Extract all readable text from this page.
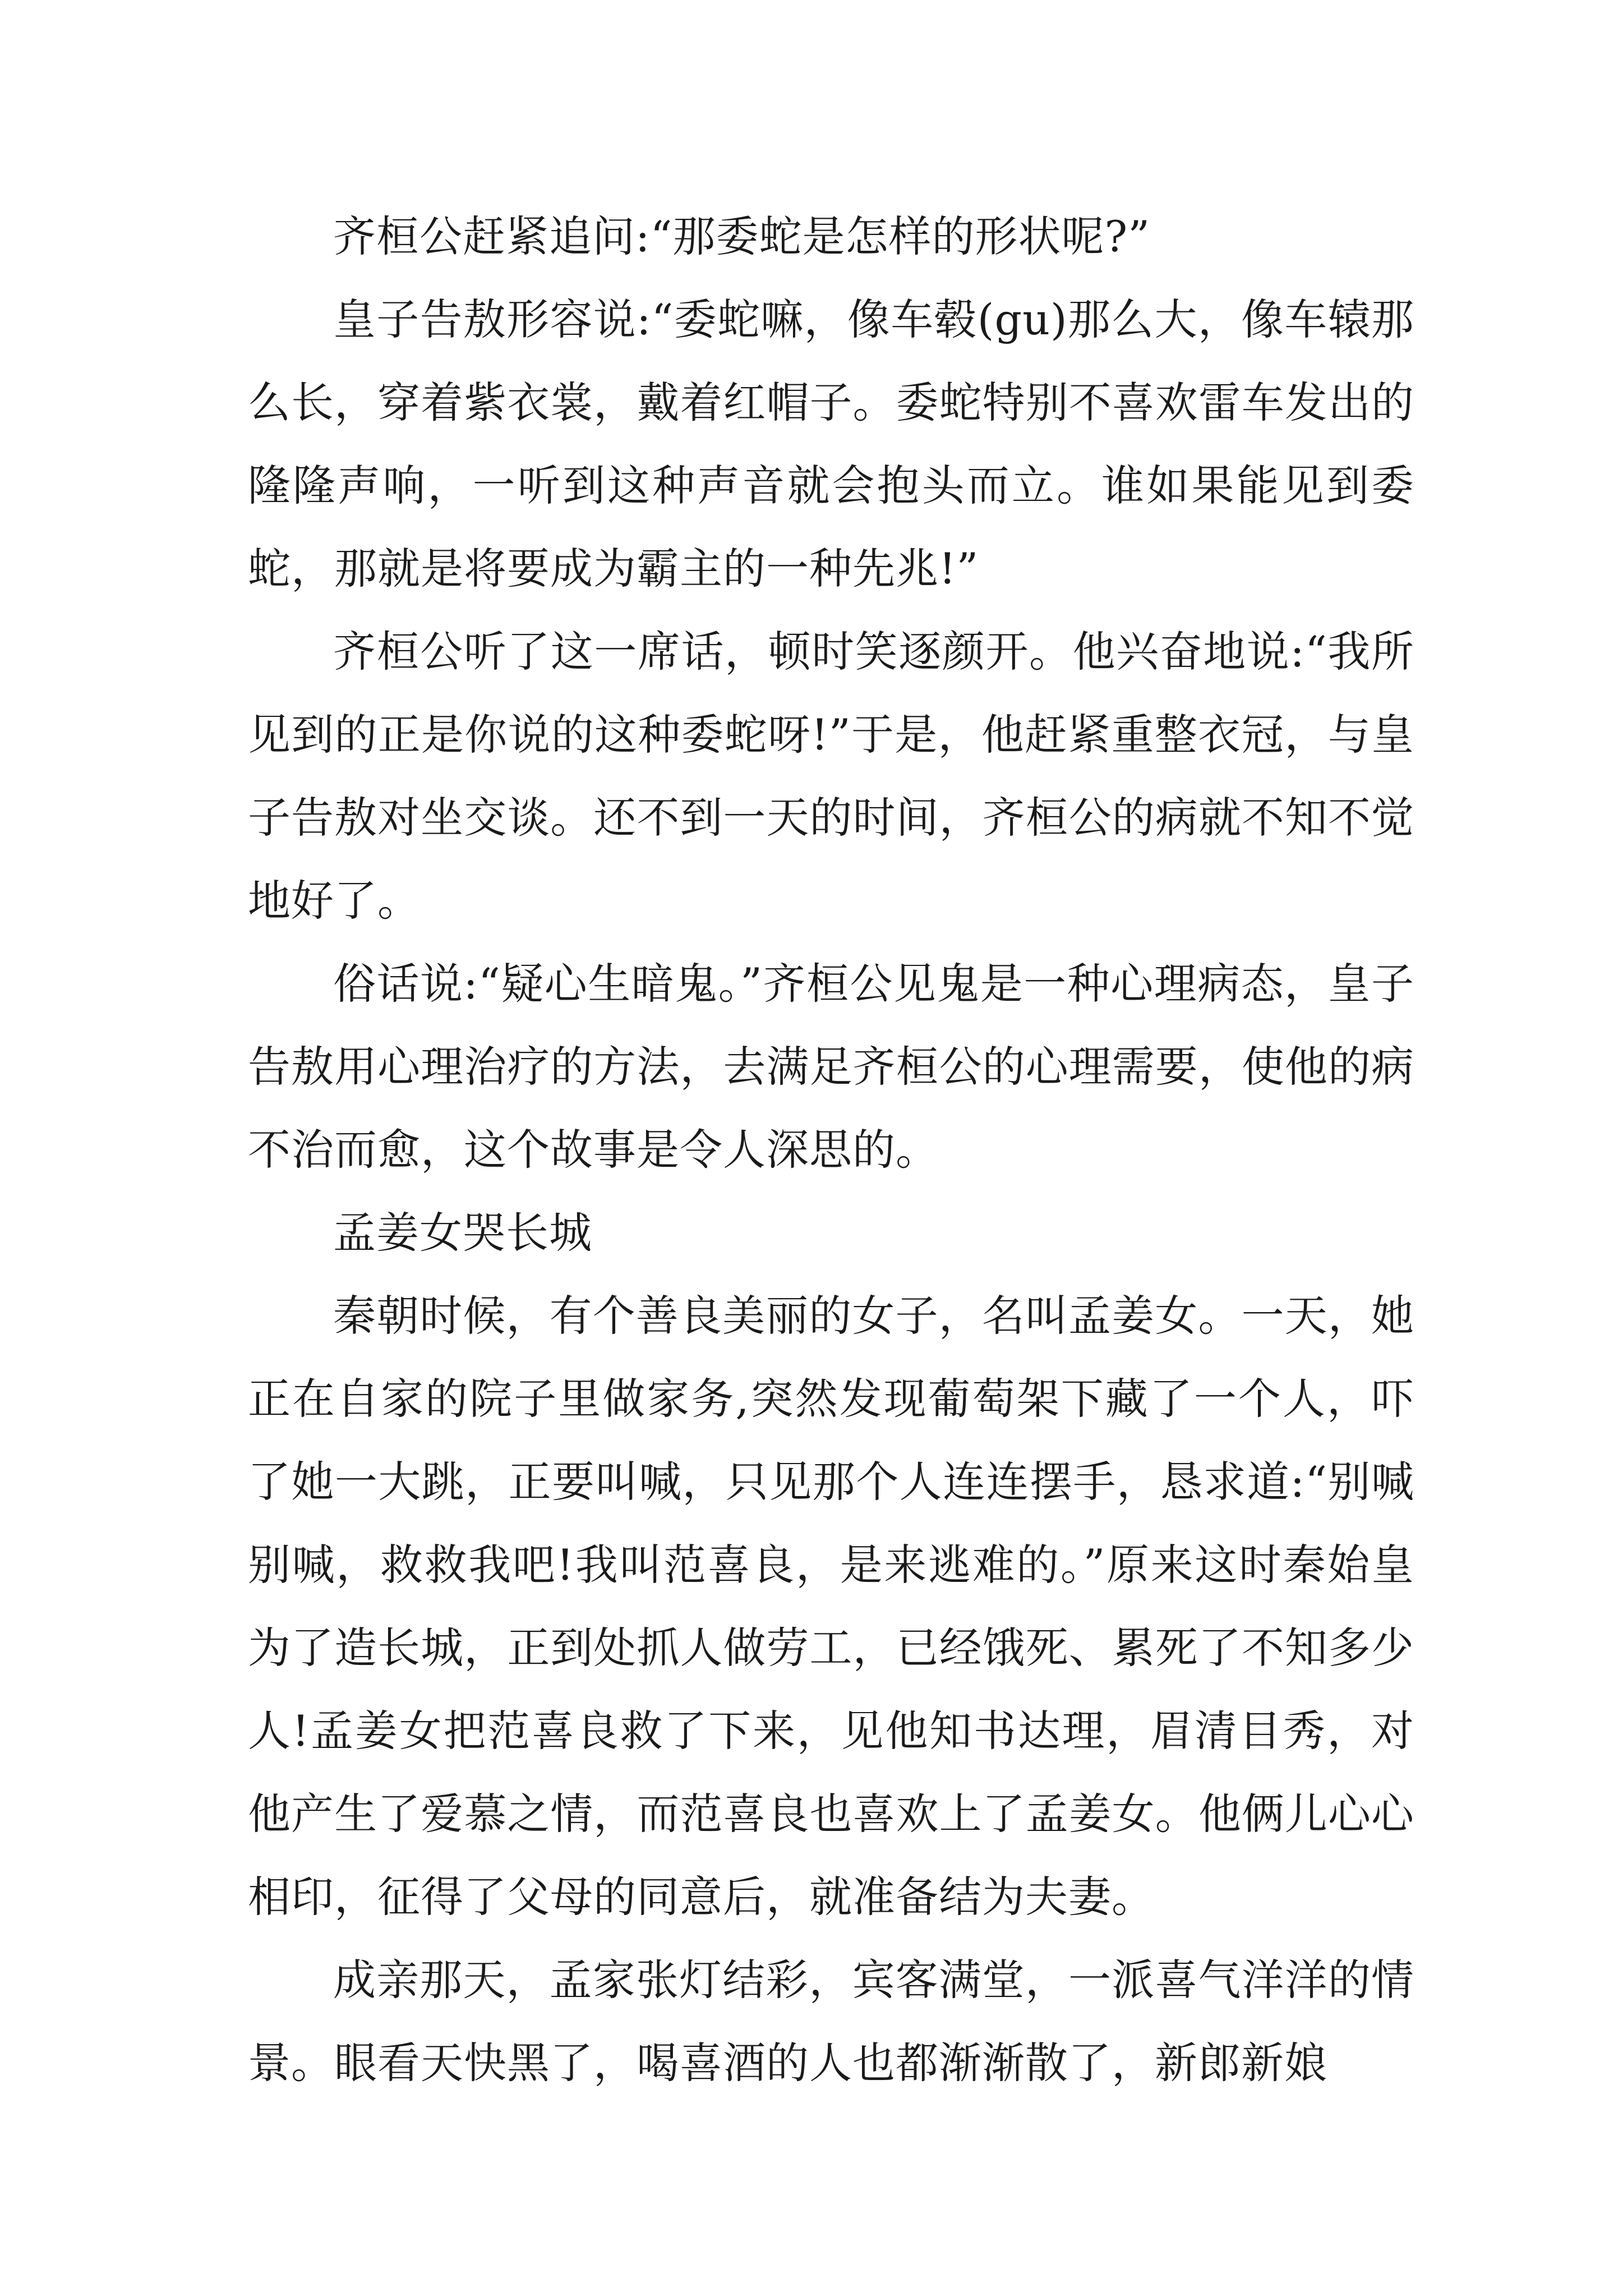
齐桓公赶紧追问:“那委蛇是怎样的形状呢?”

皇子告敖形容说:“委蛇嘛，像车毂(gu)那么大，像车辕那么长，穿着紫衣裳，戴着红帽子。委蛇特别不喜欢雷车发出的隆隆声响，一听到这种声音就会抱头而立。谁如果能见到委蛇，那就是将要成为霸主的一种先兆!”

齐桓公听了这一席话，顿时笑逐颜开。他兴奋地说:“我所见到的正是你说的这种委蛇呀!”于是，他赶紧重整衣冠，与皇子告敖对坐交谈。还不到一天的时间，齐桓公的病就不知不觉地好了。

俗话说:“疑心生暗鬼。”齐桓公见鬼是一种心理病态，皇子告敖用心理治疗的方法，去满足齐桓公的心理需要，使他的病不治而愈，这个故事是令人深思的。

孟姜女哭长城

秦朝时候，有个善良美丽的女子，名叫孟姜女。一天，她正在自家的院子里做家务,突然发现葡萄架下藏了一个人，吓了她一大跳，正要叫喊，只见那个人连连摆手，恳求道:“别喊别喊，救救我吧!我叫范喜良，是来逃难的。”原来这时秦始皇为了造长城，正到处抓人做劳工，已经饿死、累死了不知多少人!孟姜女把范喜良救了下来，见他知书达理，眉清目秀，对他产生了爱慕之情，而范喜良也喜欢上了孟姜女。他俩儿心心相印，征得了父母的同意后，就准备结为夫妻。

成亲那天，孟家张灯结彩，宾客满堂，一派喜气洋洋的情景。眼看天快黑了，喝喜酒的人也都渐渐散了，新郎新娘
